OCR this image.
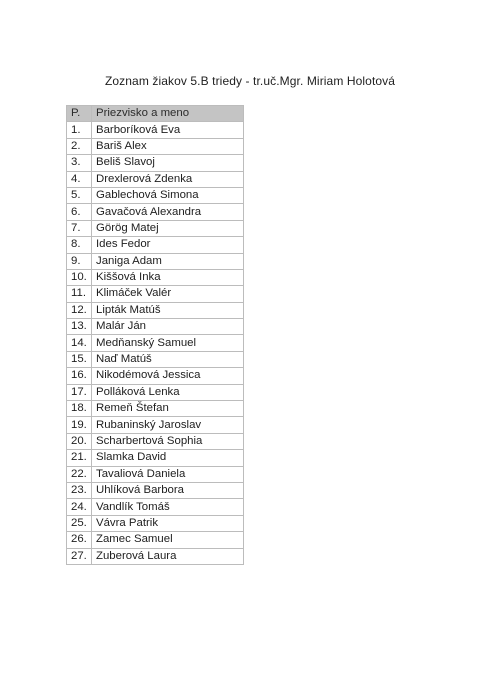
Zoznam žiakov 5.B triedy - tr.uč.Mgr. Miriam Holotová
P.	Priezvisko a meno
1.	Barboríková Eva
2.	Bariš Alex
3.	Beliš Slavoj
4.	Drexlerová Zdenka
5.	Gablechová Simona
6.	Gavačová Alexandra
7.	Görög Matej
8.	Ides Fedor
9.	Janiga Adam
10.	Kiššová Inka
11.	Klimáček Valér
12.	Lipták Matúš
13.	Malár Ján
14.	Medňanský Samuel
15.	Naď Matúš
16.	Nikodémová Jessica
17.	Polláková Lenka
18.	Remeň Štefan
19.	Rubaninský Jaroslav
20.	Scharbertová Sophia
21.	Slamka David
22.	Tavaliová Daniela
23.	Uhlíková Barbora
24.	Vandlík Tomáš
25.	Vávra Patrik
26.	Zamec Samuel
27.	Zuberová Laura
